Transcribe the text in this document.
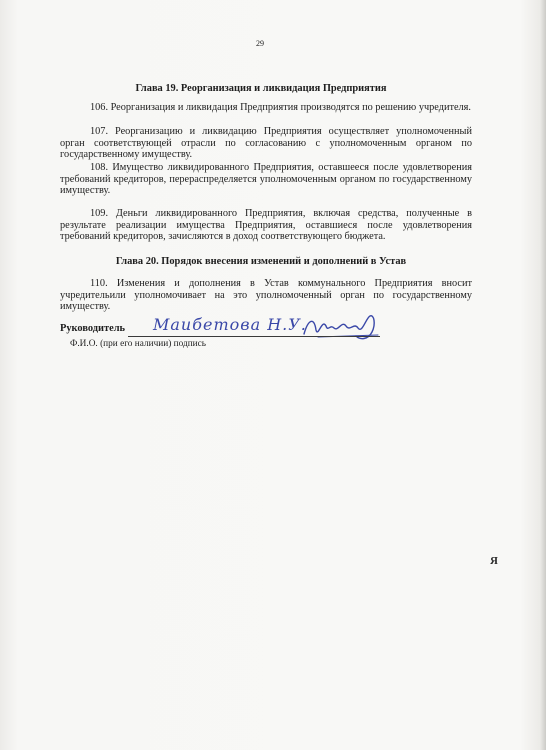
29
Глава 19. Реорганизация и ликвидация Предприятия

106. Реорганизация и ликвидация Предприятия производятся по решению учредителя.

107. Реорганизацию и ликвидацию Предприятия осуществляет уполномоченный орган соответствующей отрасли по согласованию с уполномоченным органом по государственному имуществу.

108. Имущество ликвидированного Предприятия, оставшееся после удовлетворения требований кредиторов, перераспределяется уполномоченным органом по государственному имуществу.

109. Деньги ликвидированного Предприятия, включая средства, полученные в результате реализации имущества Предприятия, оставшиеся после удовлетворения требований кредиторов, зачисляются в доход соответствующего бюджета.

Глава 20. Порядок внесения изменений и дополнений в Устав

110. Изменения и дополнения в Устав коммунального Предприятия вносит учредительили уполномочивает на это уполномоченный орган по государственному имуществу.

Руководитель Маибетова Н.У.
Ф.И.О. (при его наличии) подпись
Я
